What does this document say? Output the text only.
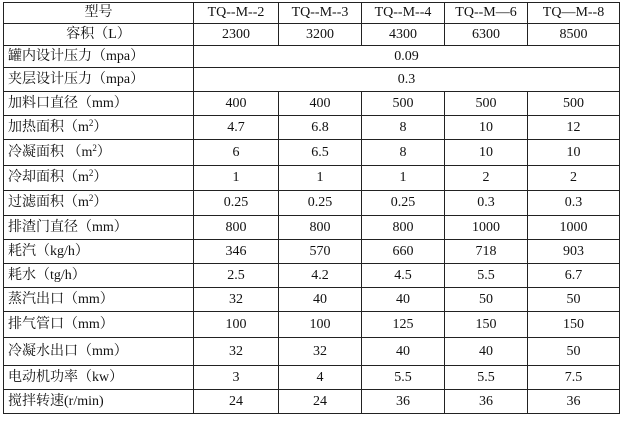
型号	TQ--M--2	TQ--M--3	TQ--M--4	TQ--M—6	TQ—M--8
容积（L）	2300	3200	4300	6300	8500
罐内设计压力（mpa）	0.09				
夹层设计压力（mpa）	0.3				
加料口直径（mm）	400	400	500	500	500
加热面积$(m^2)$	4.7	6.8	8	10	12
冷凝面积 $(m^2)$	6	6.5	8	10	10
冷却面积$(m^2)$	1	1	1	2	2
过滤面积$(m^2)$	0.25	0.25	0.25	0.3	0.3
排渣门直径（mm）	800	800	800	1000	1000
耗汽（kg/h）	346	570	660	718	903
耗水（tg/h）	2.5	4.2	4.5	5.5	6.7
蒸汽出口（mm）	32	40	40	50	50
排气管口（mm）	100	100	125	150	150
冷凝水出口（mm）	32	32	40	40	50
电动机功率（kw）	3	4	5.5	5.5	7.5
搅拌转速(r/min)	24	24	36	36	36
